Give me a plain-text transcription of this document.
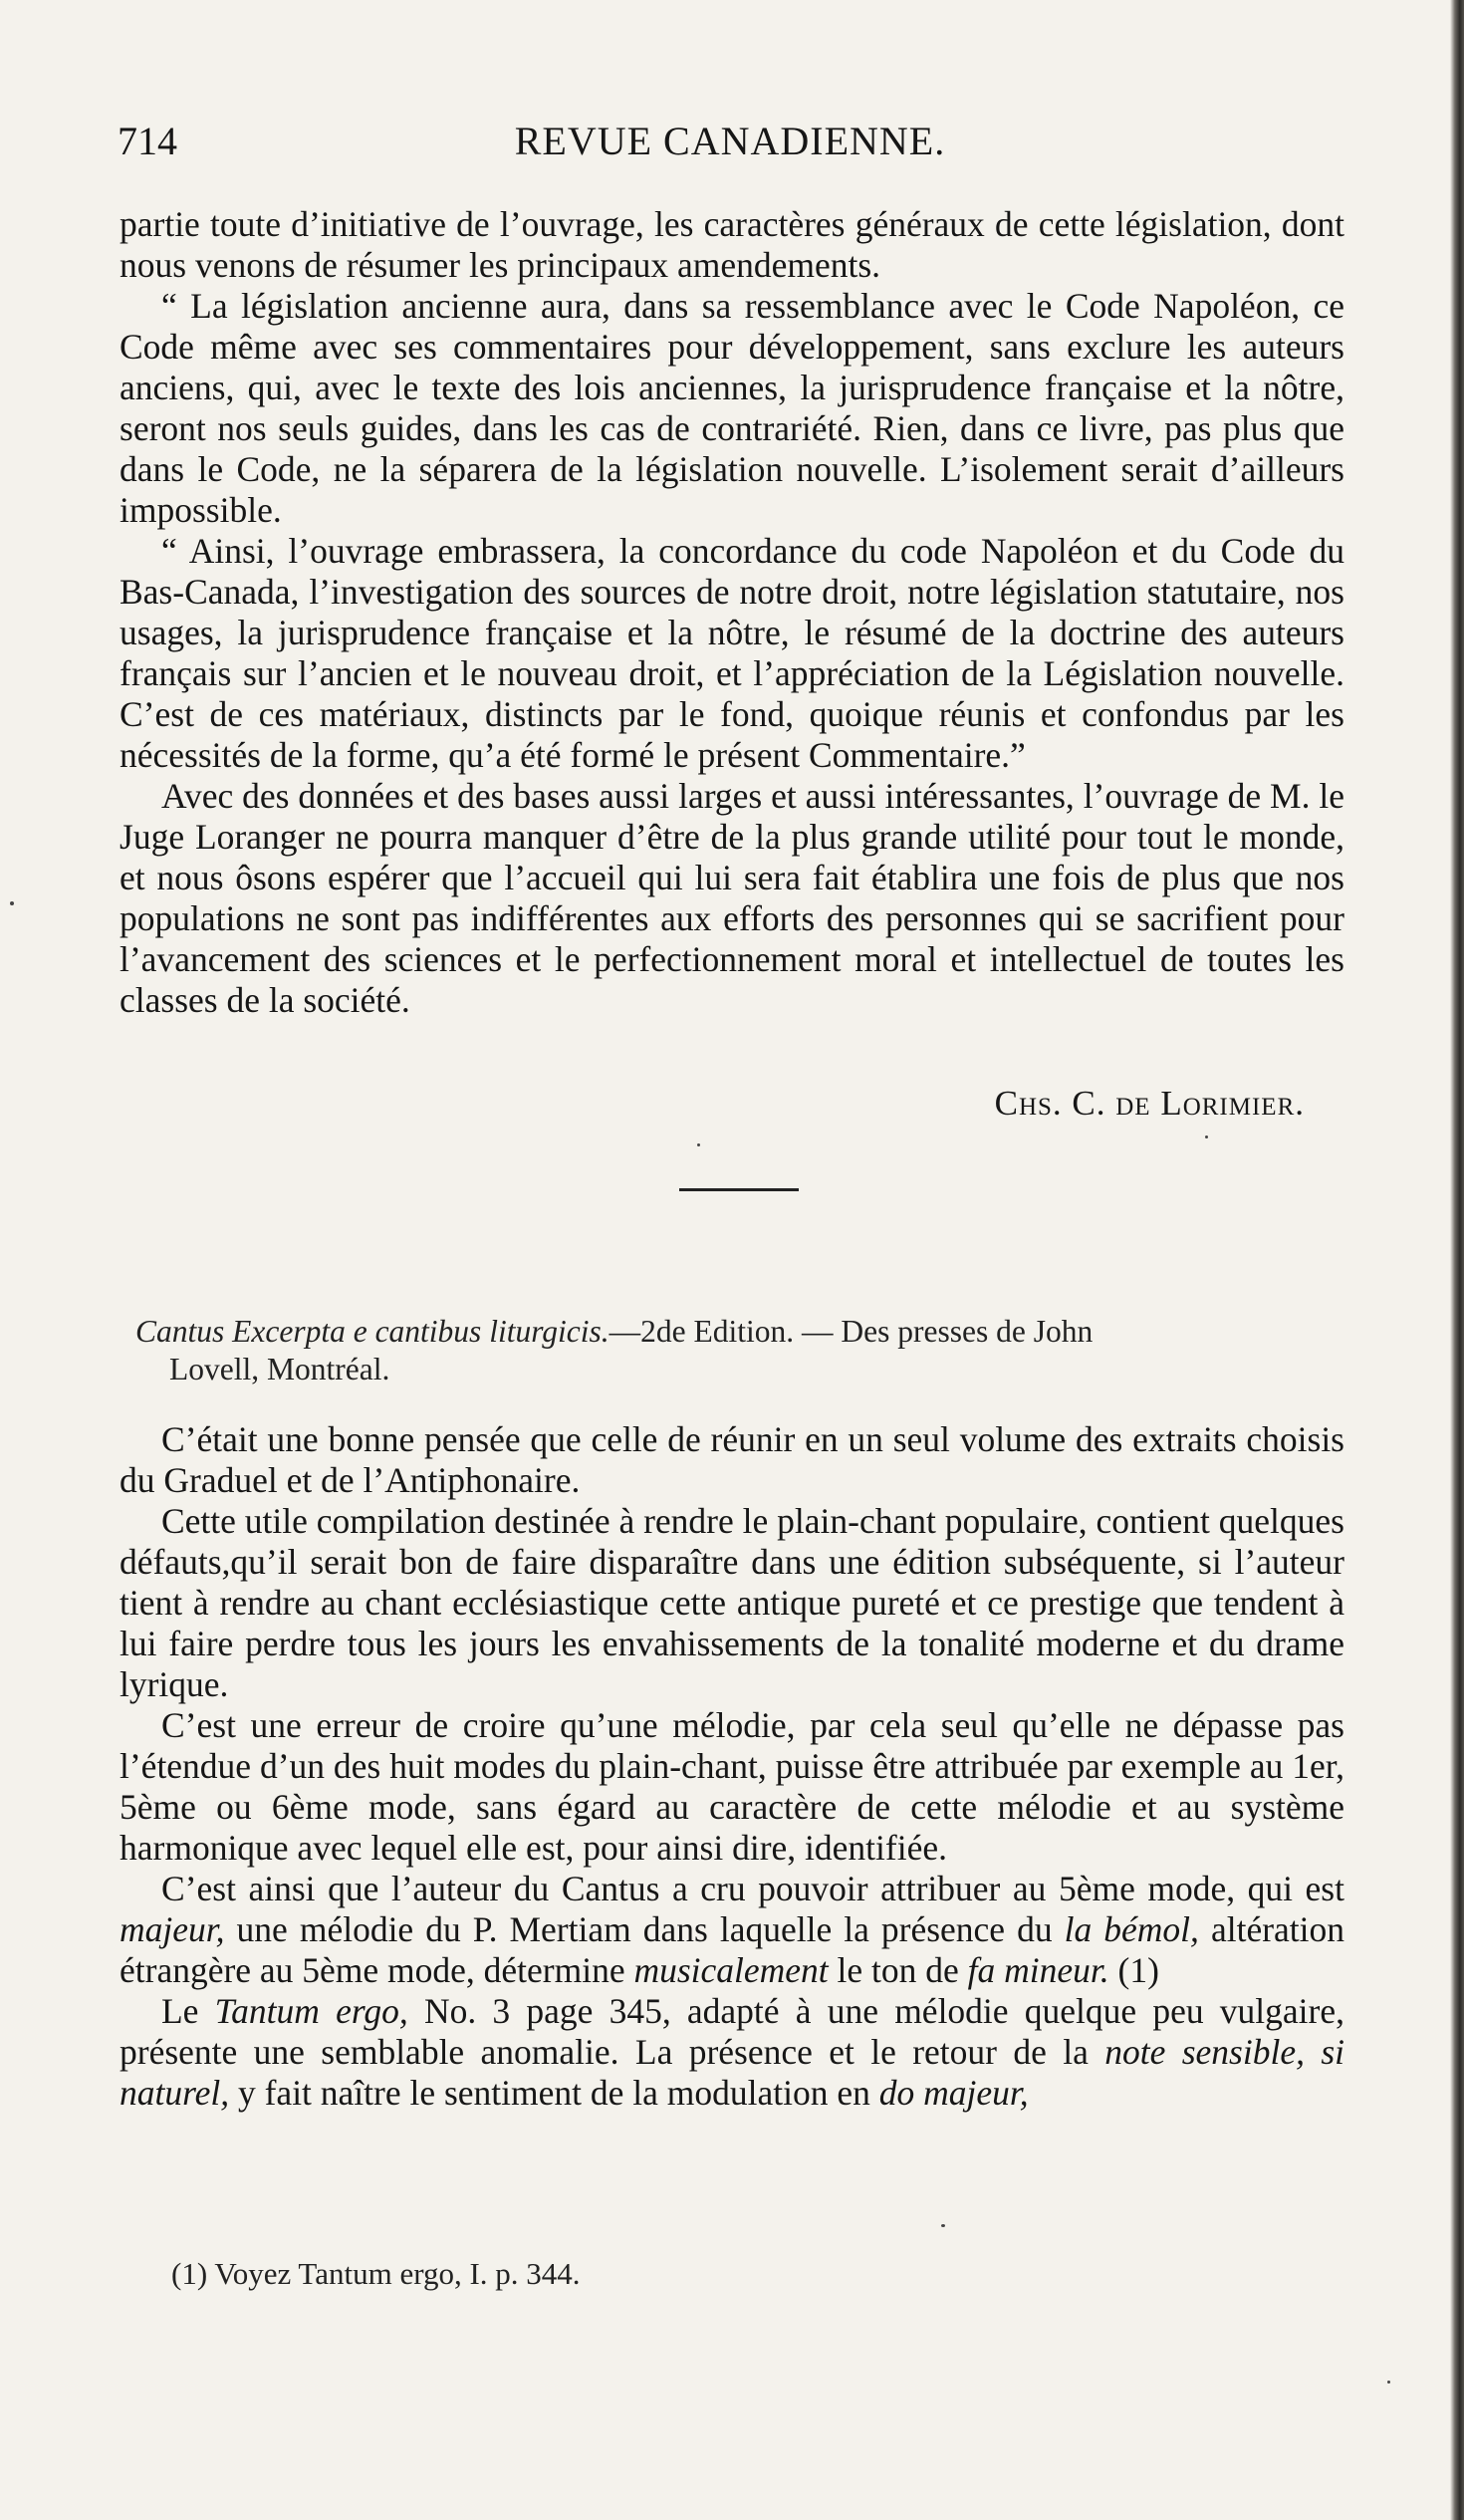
714	REVUE CANADIENNE.

partie toute d’initiative de l’ouvrage, les caractères généraux de cette législation, dont nous venons de résumer les principaux amendements.

“ La législation ancienne aura, dans sa ressemblance avec le Code Napoléon, ce Code même avec ses commentaires pour développement, sans exclure les auteurs anciens, qui, avec le texte des lois anciennes, la jurisprudence française et la nôtre, seront nos seuls guides, dans les cas de contrariété. Rien, dans ce livre, pas plus que dans le Code, ne la séparera de la législation nouvelle. L’isolement serait d’ailleurs impossible.

“ Ainsi, l’ouvrage embrassera, la concordance du code Napoléon et du Code du Bas-Canada, l’investigation des sources de notre droit, notre législation statutaire, nos usages, la jurisprudence française et la nôtre, le résumé de la doctrine des auteurs français sur l’ancien et le nouveau droit, et l’appréciation de la Législation nouvelle. C’est de ces matériaux, distincts par le fond, quoique réunis et confondus par les nécessités de la forme, qu’a été formé le présent Commentaire.”

Avec des données et des bases aussi larges et aussi intéressantes, l’ouvrage de M. le Juge Loranger ne pourra manquer d’être de la plus grande utilité pour tout le monde, et nous ôsons espérer que l’accueil qui lui sera fait établira une fois de plus que nos populations ne sont pas indifférentes aux efforts des personnes qui se sacrifient pour l’avancement des sciences et le perfectionnement moral et intellectuel de toutes les classes de la société.

Chs. C. de Lorimier.
Cantus Excerpta e cantibus liturgicis.—2de Edition. — Des presses de John
Lovell, Montréal.

C’était une bonne pensée que celle de réunir en un seul volume des extraits choisis du Graduel et de l’Antiphonaire.

Cette utile compilation destinée à rendre le plain-chant populaire, contient quelques défauts,qu’il serait bon de faire disparaître dans une édition subséquente, si l’auteur tient à rendre au chant ecclésiastique cette antique pureté et ce prestige que tendent à lui faire perdre tous les jours les envahissements de la tonalité moderne et du drame lyrique.

C’est une erreur de croire qu’une mélodie, par cela seul qu’elle ne dépasse pas l’étendue d’un des huit modes du plain-chant, puisse être attribuée par exemple au 1er, 5ème ou 6ème mode, sans égard au caractère de cette mélodie et au système harmonique avec lequel elle est, pour ainsi dire, identifiée.

C’est ainsi que l’auteur du Cantus a cru pouvoir attribuer au 5ème mode, qui est majeur, une mélodie du P. Mertiam dans laquelle la présence du la bémol, altération étrangère au 5ème mode, détermine musicalement le ton de fa mineur. (1)

Le Tantum ergo, No. 3 page 345, adapté à une mélodie quelque peu vulgaire, présente une semblable anomalie. La présence et le retour de la note sensible, si naturel, y fait naître le sentiment de la modulation en do majeur,

(1) Voyez Tantum ergo, I. p. 344.
